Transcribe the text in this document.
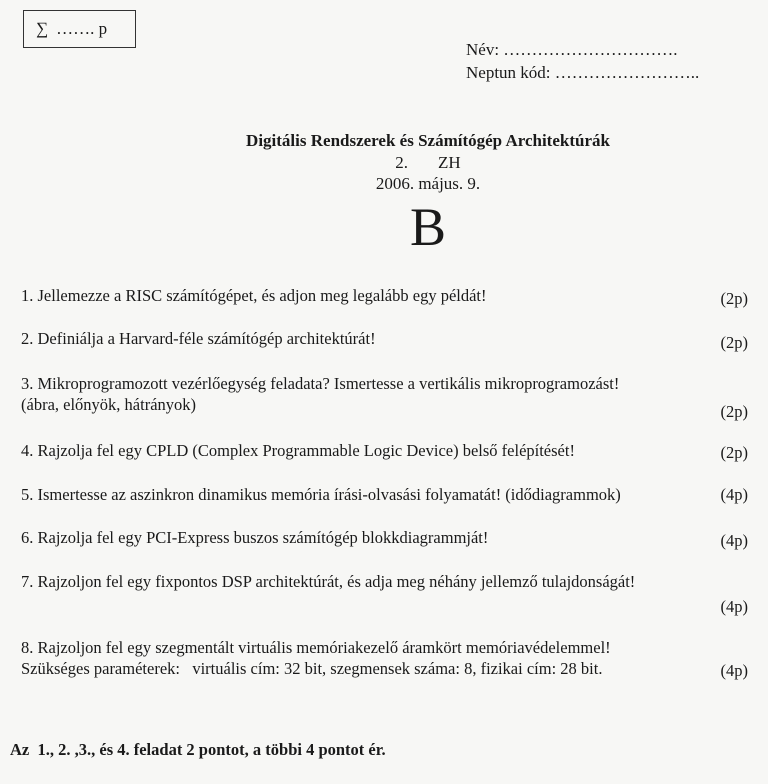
∑ ……. p
Név: ………………………….
Neptun kód: ……………………..
Digitális Rendszerek és Számítógép Architektúrák
2. ZH
2006. május. 9.
B
1. Jellemezze a RISC számítógépet, és adjon meg legalább egy példát!	(2p)
2. Definiálja a Harvard-féle számítógép architektúrát!	(2p)
3. Mikroprogramozott vezérlőegység feladata? Ismertesse a vertikális mikroprogramozást!
(ábra, előnyök, hátrányok)	(2p)
4. Rajzolja fel egy CPLD (Complex Programmable Logic Device) belső felépítését!	(2p)
5. Ismertesse az aszinkron dinamikus memória írási-olvasási folyamatát! (idődiagrammok)	(4p)
6. Rajzolja fel egy PCI-Express buszos számítógép blokkdiagrammját!	(4p)
7. Rajzoljon fel egy fixpontos DSP architektúrát, és adja meg néhány jellemző tulajdonságát!
(4p)
8. Rajzoljon fel egy szegmentált virtuális memóriakezelő áramkört memóriavédelemmel!
Szükséges paraméterek:   virtuális cím: 32 bit, szegmensek száma: 8, fizikai cím: 28 bit.	(4p)
Az  1., 2. ,3., és 4. feladat 2 pontot, a többi 4 pontot ér.
